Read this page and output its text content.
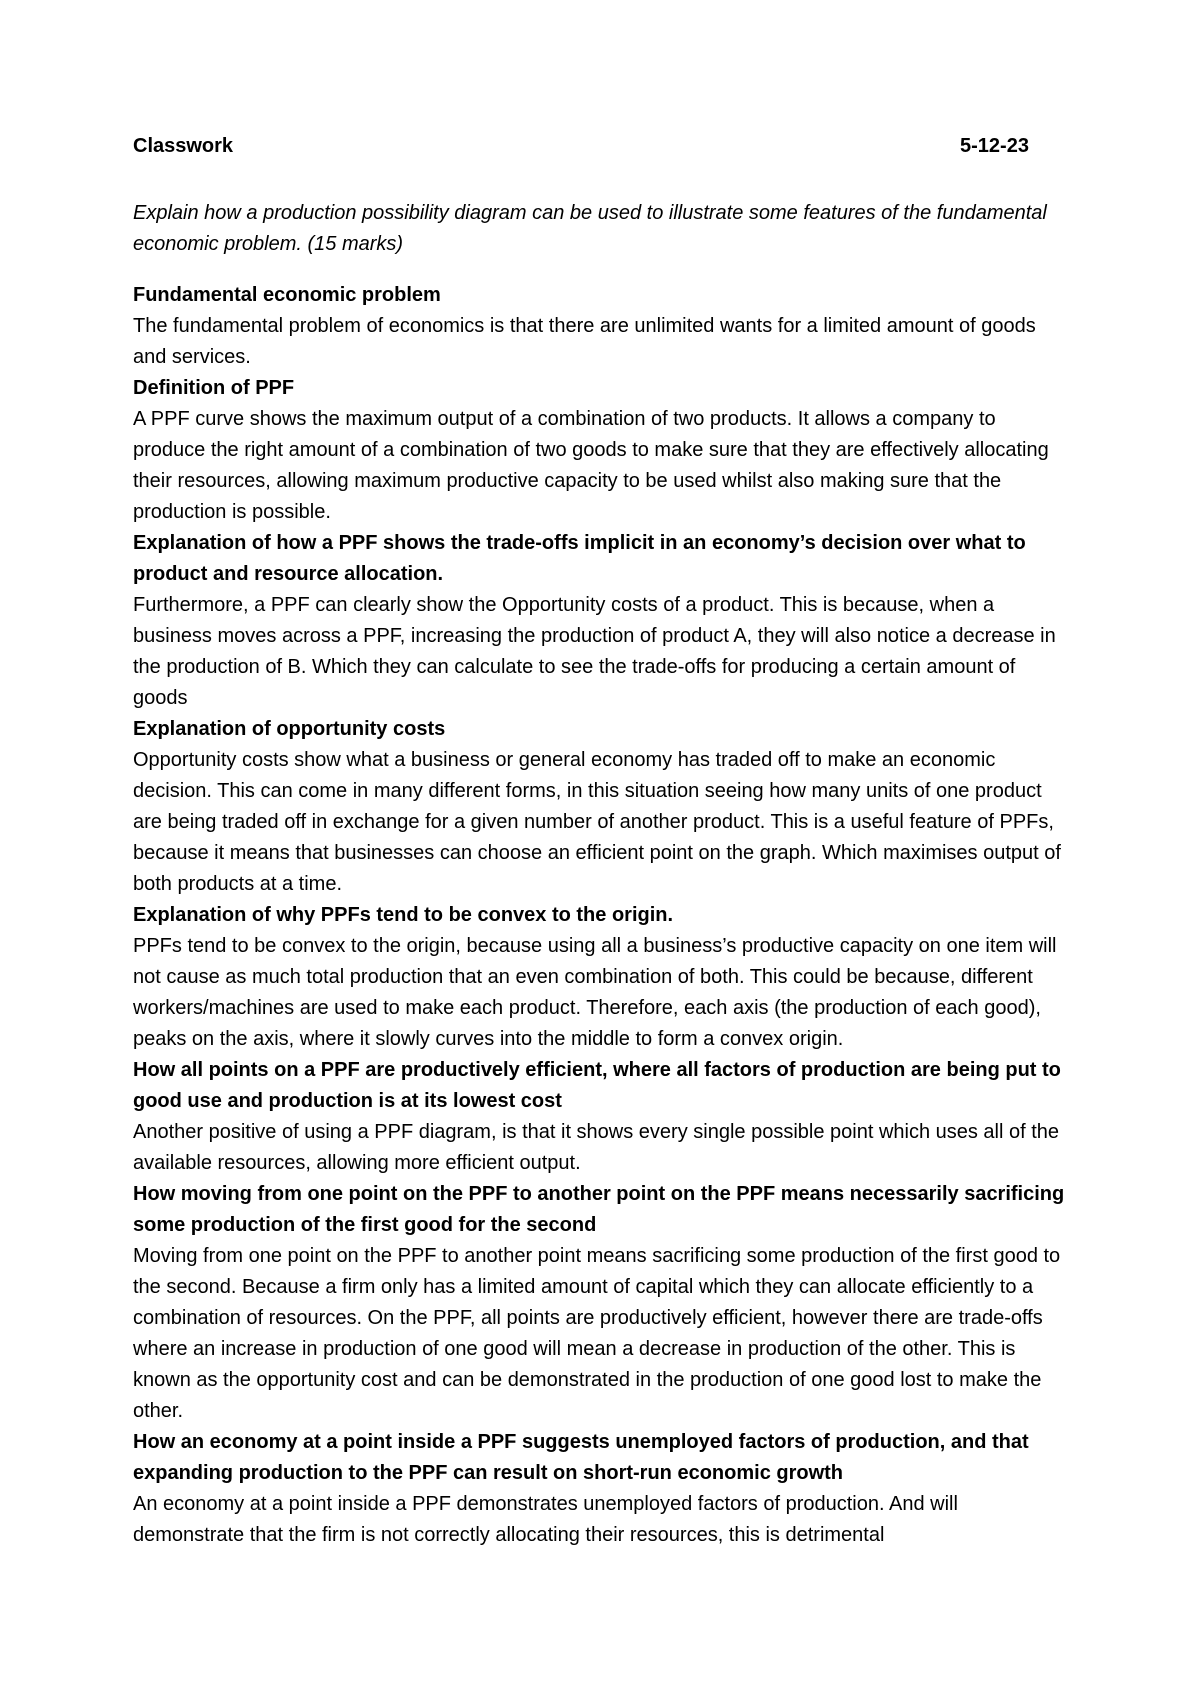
Classwork	5-12-23

Explain how a production possibility diagram can be used to illustrate some features of the fundamental economic problem. (15 marks)

Fundamental economic problem

The fundamental problem of economics is that there are unlimited wants for a limited amount of goods and services.

Definition of PPF

A PPF curve shows the maximum output of a combination of two products. It allows a company to produce the right amount of a combination of two goods to make sure that they are effectively allocating their resources, allowing maximum productive capacity to be used whilst also making sure that the production is possible.

Explanation of how a PPF shows the trade-offs implicit in an economy’s decision over what to product and resource allocation.

Furthermore, a PPF can clearly show the Opportunity costs of a product. This is because, when a business moves across a PPF, increasing the production of product A, they will also notice a decrease in the production of B. Which they can calculate to see the trade-offs for producing a certain amount of goods

Explanation of opportunity costs

Opportunity costs show what a business or general economy has traded off to make an economic decision. This can come in many different forms, in this situation seeing how many units of one product are being traded off in exchange for a given number of another product. This is a useful feature of PPFs, because it means that businesses can choose an efficient point on the graph. Which maximises output of both products at a time.

Explanation of why PPFs tend to be convex to the origin.

PPFs tend to be convex to the origin, because using all a business’s productive capacity on one item will not cause as much total production that an even combination of both. This could be because, different workers/machines are used to make each product. Therefore, each axis (the production of each good), peaks on the axis, where it slowly curves into the middle to form a convex origin.

How all points on a PPF are productively efficient, where all factors of production are being put to good use and production is at its lowest cost

Another positive of using a PPF diagram, is that it shows every single possible point which uses all of the available resources, allowing more efficient output.

How moving from one point on the PPF to another point on the PPF means necessarily sacrificing some production of the first good for the second

Moving from one point on the PPF to another point means sacrificing some production of the first good to the second. Because a firm only has a limited amount of capital which they can allocate efficiently to a combination of resources. On the PPF, all points are productively efficient, however there are trade-offs where an increase in production of one good will mean a decrease in production of the other. This is known as the opportunity cost and can be demonstrated in the production of one good lost to make the other.

How an economy at a point inside a PPF suggests unemployed factors of production, and that expanding production to the PPF can result on short-run economic growth

An economy at a point inside a PPF demonstrates unemployed factors of production. And will demonstrate that the firm is not correctly allocating their resources, this is detrimental
